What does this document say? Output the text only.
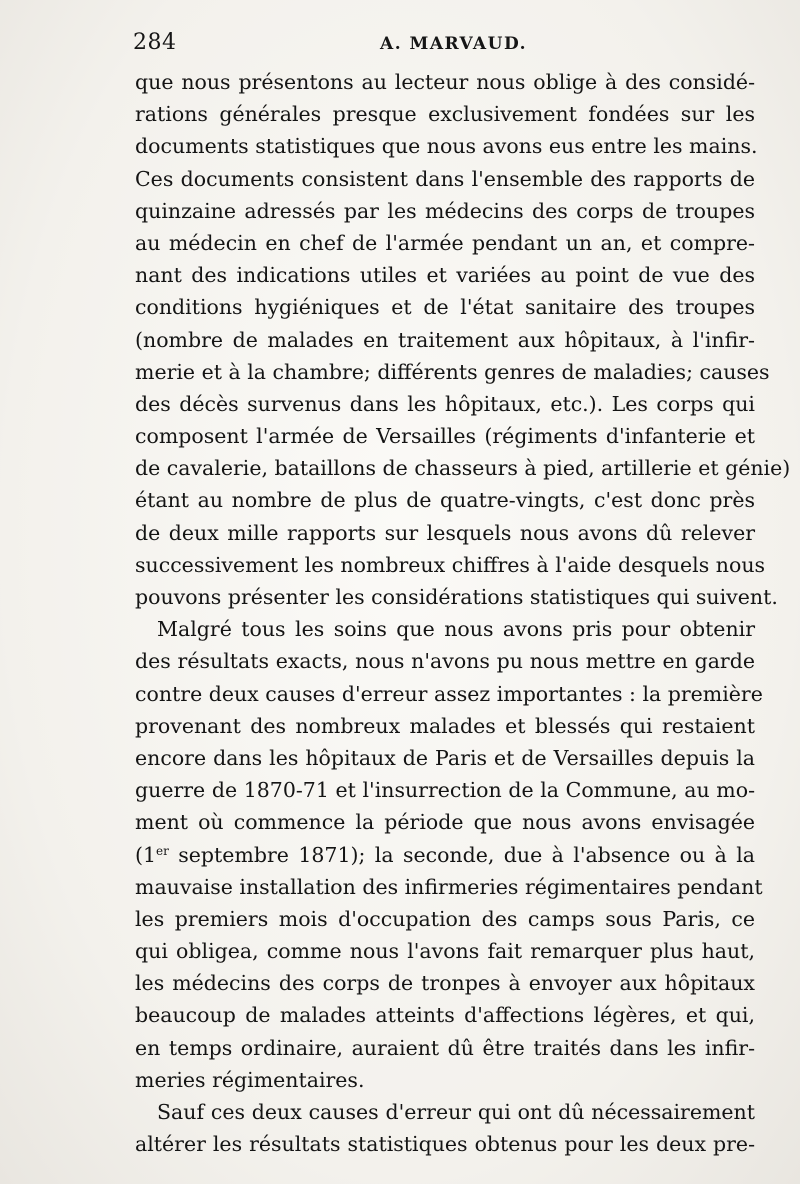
284	A. MARVAUD.
que nous présentons au lecteur nous oblige à des considé-
rations générales presque exclusivement fondées sur les
documents statistiques que nous avons eus entre les mains.
Ces documents consistent dans l'ensemble des rapports de
quinzaine adressés par les médecins des corps de troupes
au médecin en chef de l'armée pendant un an, et compre-
nant des indications utiles et variées au point de vue des
conditions hygiéniques et de l'état sanitaire des troupes
(nombre de malades en traitement aux hôpitaux, à l'infir-
merie et à la chambre; différents genres de maladies; causes
des décès survenus dans les hôpitaux, etc.). Les corps qui
composent l'armée de Versailles (régiments d'infanterie et
de cavalerie, bataillons de chasseurs à pied, artillerie et génie)
étant au nombre de plus de quatre-vingts, c'est donc près
de deux mille rapports sur lesquels nous avons dû relever
successivement les nombreux chiffres à l'aide desquels nous
pouvons présenter les considérations statistiques qui suivent.
Malgré tous les soins que nous avons pris pour obtenir
des résultats exacts, nous n'avons pu nous mettre en garde
contre deux causes d'erreur assez importantes : la première
provenant des nombreux malades et blessés qui restaient
encore dans les hôpitaux de Paris et de Versailles depuis la
guerre de 1870-71 et l'insurrection de la Commune, au mo-
ment où commence la période que nous avons envisagée
(1er septembre 1871); la seconde, due à l'absence ou à la
mauvaise installation des infirmeries régimentaires pendant
les premiers mois d'occupation des camps sous Paris, ce
qui obligea, comme nous l'avons fait remarquer plus haut,
les médecins des corps de tronpes à envoyer aux hôpitaux
beaucoup de malades atteints d'affections légères, et qui,
en temps ordinaire, auraient dû être traités dans les infir-
meries régimentaires.
Sauf ces deux causes d'erreur qui ont dû nécessairement
altérer les résultats statistiques obtenus pour les deux pre-
